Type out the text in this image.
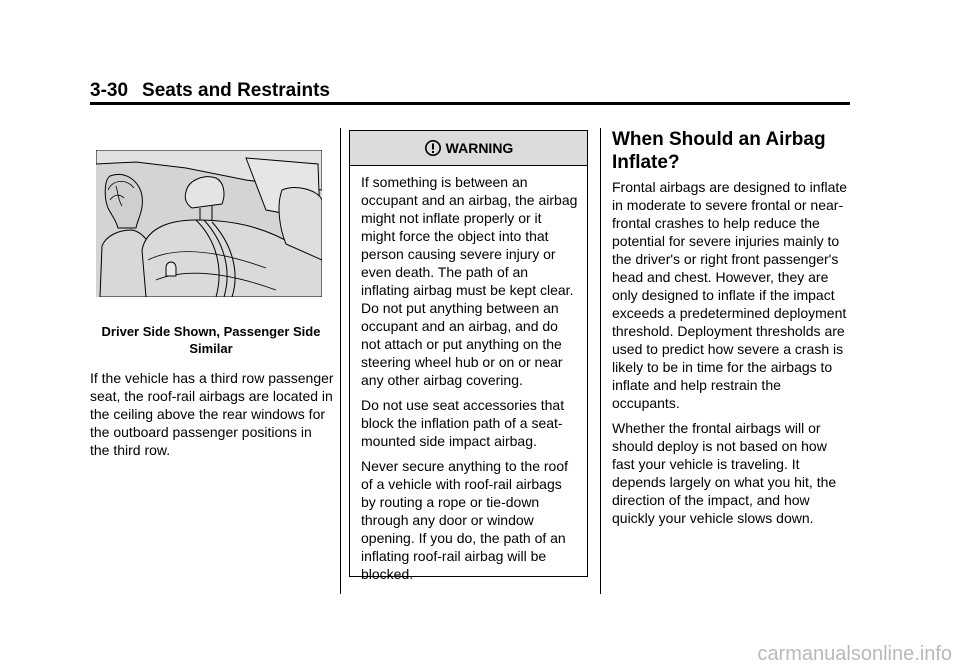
3-30 Seats and Restraints
Driver Side Shown, Passenger Side Similar

If the vehicle has a third row passenger seat, the roof-rail airbags are located in the ceiling above the rear windows for the outboard passenger positions in the third row.

WARNING

If something is between an occupant and an airbag, the airbag might not inflate properly or it might force the object into that person causing severe injury or even death. The path of an inflating airbag must be kept clear. Do not put anything between an occupant and an airbag, and do not attach or put anything on the steering wheel hub or on or near any other airbag covering.

Do not use seat accessories that block the inflation path of a seat-mounted side impact airbag.

Never secure anything to the roof of a vehicle with roof-rail airbags by routing a rope or tie-down through any door or window opening. If you do, the path of an inflating roof-rail airbag will be blocked.

When Should an Airbag Inflate?

Frontal airbags are designed to inflate in moderate to severe frontal or near-frontal crashes to help reduce the potential for severe injuries mainly to the driver's or right front passenger's head and chest. However, they are only designed to inflate if the impact exceeds a predetermined deployment threshold. Deployment thresholds are used to predict how severe a crash is likely to be in time for the airbags to inflate and help restrain the occupants.

Whether the frontal airbags will or should deploy is not based on how fast your vehicle is traveling. It depends largely on what you hit, the direction of the impact, and how quickly your vehicle slows down.

carmanualsonline.info
